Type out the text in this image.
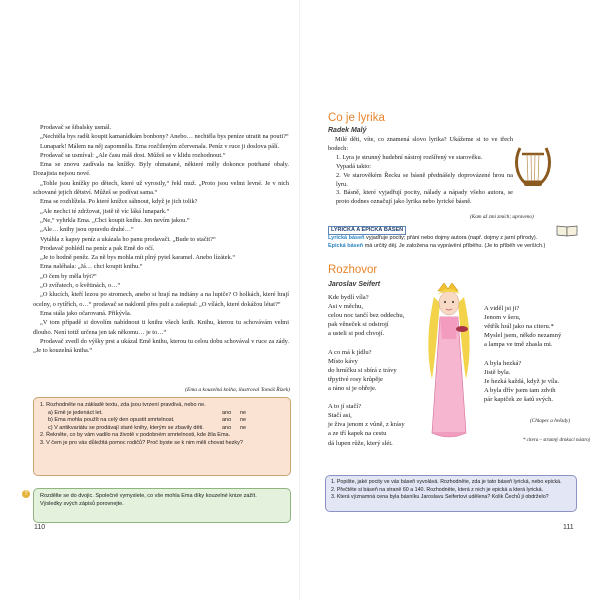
Prodavač se šibalsky usmál.

„Nechtěla bys radši koupit kamarádkám bonbony? Anebo… nechtěla bys peníze utratit na pouti?“

Lunapark! Málem na něj zapomněla. Ema rozčileným zčervenala. Peníz v ruce ji doslova pálí.

Prodavač se usmíval: „Ale času máš dost. Můžeš se v klidu rozhodnout.“

Ema se znovu zadívala na knížky. Byly ohmatané, některé měly dokonce potrhané obaly. Dozajista nejsou nové.

„Tohle jsou knížky po dětech, které už vyrostly,“ řekl muž. „Proto jsou velmi levné. Je v nich schované jejich dětství. Můžeš se podívat sama.“

Ema se rozhlížela. Po které knížce sáhnout, když je jich tolik?

„Ale nechci té zdržovat, jistě tě víc láká lunapark.“

„Ne,“ vyhrkla Ema. „Chci koupit knihu. Jen nevím jakou.“

„Ale… knihy jsou opravdu drahé…“

Vytáhla z kapsy peníz a ukázala ho panu prodavači. „Bude to stačit?“

Prodavač pohlédl na peníz a pak Emě do očí.

„Je to hodně peněz. Za ně bys mohla mít plný pytel karamel. Anebo lízátek.“

Ema naléhala: „Já… chci koupit knihu.“

„O čem by měla být?“

„O zvířatech, o květinách, o…“

„O klucích, kteří lezou po stromech, anebo si hrají na indiány a na lupiče? O holkách, které hrají ocelny, o rytířích, o…“ prodavač se naklonil přes pult a zašeptal: „O vílách, které dokážou létat?“

Ema stála jako očarovaná. Přikývla.

„V tom případě si dovolím nabídnout ti knihu všech knih. Knihu, kterou tu schovávám velmi dlouho. Není totiž určena jen tak někomu… je to…“

Prodavač zvedl do výšky prst a ukázal Emě knihu, kterou tu celou dobu schovával v ruce za zády. „Je to kouzelná kniha.“

(Ema a kouzelná kniha, ilustroval Tomáš Řízek)
1. Rozhodněte na základě textu, zda jsou tvrzení pravdivá, nebo ne.
a) Emě je jedenáct let.	ano ne
b) Ema mohla použít na celý den opustit smrtelnost.	ano ne
c) V antikvariátu se prodávají staré knihy, kterým se zbavily děti.	ano ne
2. Řekněte, co by vám vadilo na životě v podobném smrtelnosti, kde žila Ema.
3. V čem je pro vás důležitá pomoc rodičů? Proč byste se k nim měli chovat hezky?
Rozdělte se do dvojic. Společně vymyslete, co vše mohla Ema díky kouzelné knize zažít.
Výsledky svých zápisů porovnejte.
?
110
Co je lyrika
Radek Malý

Milé děti, víte, co znamená slovo lyrika? Ukážeme si to ve třech bodech:

1. Lyra je strunný hudební nástroj rozšířený ve starověku.
Vypadá takto:
2. Ve starověkém Řecku se básně přednášely doprovázené hrou na lyru.
3. Básně, které vyjadřují pocity, nálady a nápady všeho autora, se proto dodnes označují jako lyrika nebo lyrické básně.
(Kam až zmi zmích; upraveno)
LYRICKÁ A EPICKÁ BÁSEŇ
Lyrická báseň vyjadřuje pocity; přání nebo dojmy autora (např. dojmy z jarní přírody).
Epická báseň má určitý děj. Je založena na vyprávění příběhu. (Je to příběh ve verších.)
Rozhovor
Jaroslav Seifert
Kde bydlí víla?
Asi v měchu,
celou noc tančí bez oddechu,
pak věneček si odstrojí
a usteli si pod chvojí.

A co má k jídlu?
Místo kávy
do hrníčku si sbírá z trávy
třpytivé rosy krůpěje
a ráno si je ohřeje.

A to jí stačí?
Stačí asi,
je živa jenom z vůně, z krásy
a ze tří kapek na cestu
dá lupen růže, který slét.
A viděl jsi ji?
Jenom v šeru,
větřík hrál jako na citeru.*
Myslel jsem, někdo nezamný
a lampa ve tmě zhasla mi.

A byla hezká?
Jistě byla.
Je hezká každá, když je víla.
A byla dřív jsem tam zdvih
pár kapiček ze šatů svých.
(Chlapec a hvězdy)
* citera – strunný drnkací nástroj
1. Popište, jaké pocity ve vás báseň vyvolává. Rozhodněte, zda je tato báseň lyrická, nebo epická.
2. Přečtěte si báseň na straně 60 a 140. Rozhodněte, která z nich je epická a která lyrická.
3. Která významná cena byla básníku Jaroslavu Seifertovi udělena? Kolik Čechů ji obdrželo?
111
